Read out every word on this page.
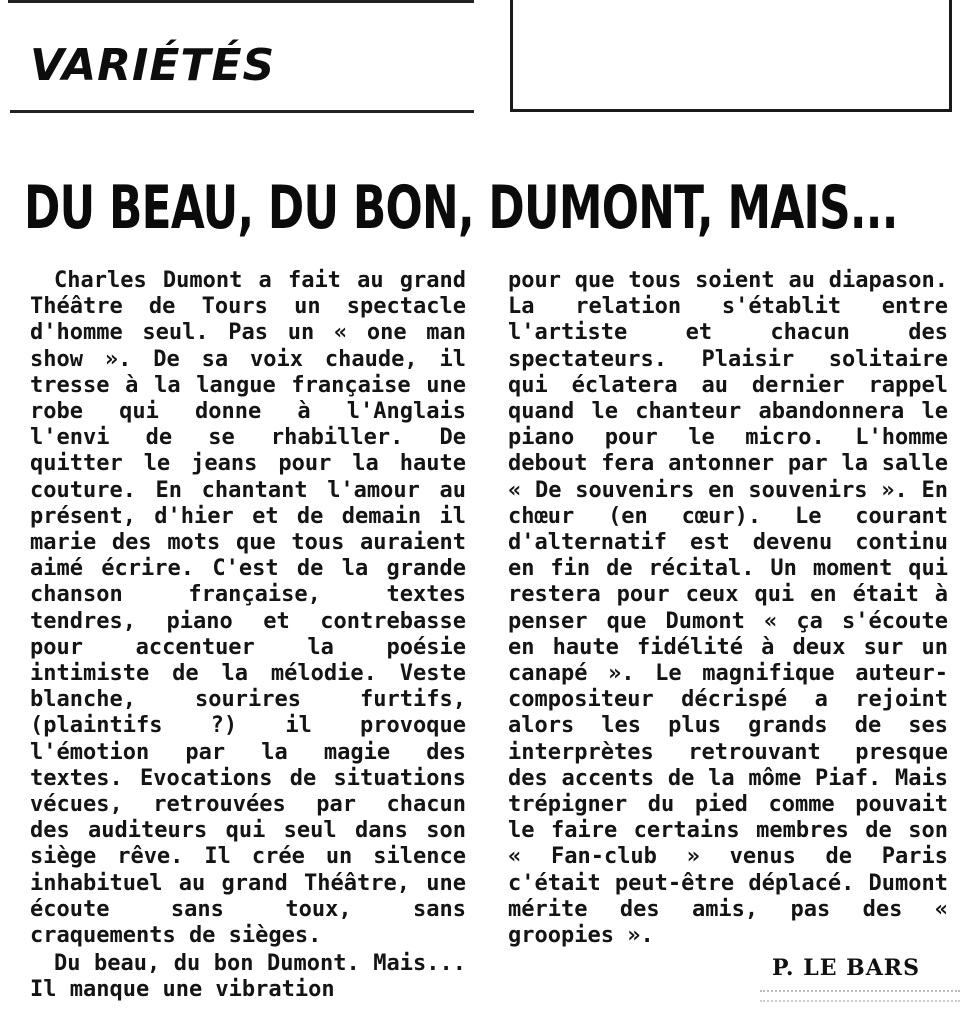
VARIÉTÉS
DU BEAU, DU BON, DUMONT, MAIS...

Charles Dumont a fait au grand Théâtre de Tours un spectacle d'homme seul. Pas un « one man show ». De sa voix chaude, il tresse à la langue française une robe qui donne à l'Anglais l'envi de se rhabiller. De quitter le jeans pour la haute couture. En chantant l'amour au présent, d'hier et de demain il marie des mots que tous auraient aimé écrire. C'est de la grande chanson française, textes tendres, piano et contrebasse pour accentuer la poésie intimiste de la mélodie. Veste blanche, sourires furtifs, (plaintifs ?) il provoque l'émotion par la magie des textes. Evocations de situations vécues, retrouvées par chacun des auditeurs qui seul dans son siège rêve. Il crée un silence inhabituel au grand Théâtre, une écoute sans toux, sans craquements de sièges.

Du beau, du bon Dumont. Mais... Il manque une vibration

pour que tous soient au diapason. La relation s'établit entre l'artiste et chacun des spectateurs. Plaisir solitaire qui éclatera au dernier rappel quand le chanteur abandonnera le piano pour le micro. L'homme debout fera antonner par la salle « De souvenirs en souvenirs ». En chœur (en cœur). Le courant d'alternatif est devenu continu en fin de récital. Un moment qui restera pour ceux qui en était à penser que Dumont « ça s'écoute en haute fidélité à deux sur un canapé ». Le magnifique auteur-compositeur décrispé a rejoint alors les plus grands de ses interprètes retrouvant presque des accents de la môme Piaf. Mais trépigner du pied comme pouvait le faire certains membres de son « Fan-club » venus de Paris c'était peut-être déplacé. Dumont mérite des amis, pas des « groopies ».

P. LE BARS
